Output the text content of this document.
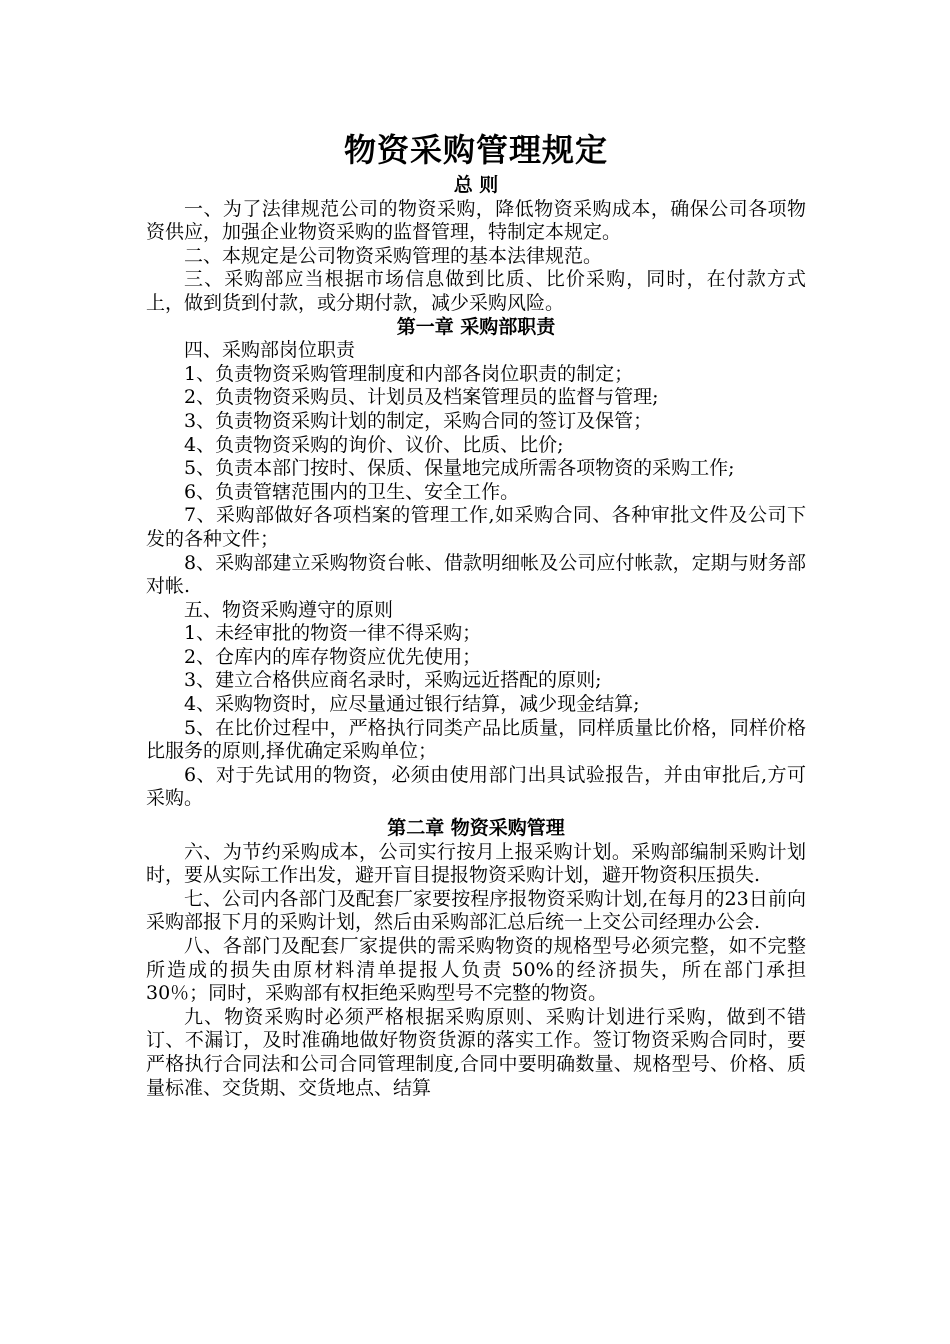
物资采购管理规定
总 则

一、为了法律规范公司的物资采购，降低物资采购成本，确保公司各项物资供应，加强企业物资采购的监督管理，特制定本规定。

二、本规定是公司物资采购管理的基本法律规范。

三、采购部应当根据市场信息做到比质、比价采购，同时，在付款方式上，做到货到付款，或分期付款，减少采购风险。

第一章 采购部职责

四、采购部岗位职责

1、负责物资采购管理制度和内部各岗位职责的制定；

2、负责物资采购员、计划员及档案管理员的监督与管理;

3、负责物资采购计划的制定，采购合同的签订及保管；

4、负责物资采购的询价、议价、比质、比价;

5、负责本部门按时、保质、保量地完成所需各项物资的采购工作;

6、负责管辖范围内的卫生、安全工作。

7、采购部做好各项档案的管理工作,如采购合同、各种审批文件及公司下发的各种文件；

8、采购部建立采购物资台帐、借款明细帐及公司应付帐款，定期与财务部对帐.

五、物资采购遵守的原则

1、未经审批的物资一律不得采购；

2、仓库内的库存物资应优先使用；

3、建立合格供应商名录时，采购远近搭配的原则;

4、采购物资时，应尽量通过银行结算，减少现金结算;

5、在比价过程中，严格执行同类产品比质量，同样质量比价格，同样价格比服务的原则,择优确定采购单位；

6、对于先试用的物资，必须由使用部门出具试验报告，并由审批后,方可采购。

第二章 物资采购管理

六、为节约采购成本，公司实行按月上报采购计划。采购部编制采购计划时，要从实际工作出发，避开盲目提报物资采购计划，避开物资积压损失.

七、公司内各部门及配套厂家要按程序报物资采购计划,在每月的23日前向采购部报下月的采购计划，然后由采购部汇总后统一上交公司经理办公会.

八、各部门及配套厂家提供的需采购物资的规格型号必须完整，如不完整所造成的损失由原材料清单提报人负责 50%的经济损失，所在部门承担30％；同时，采购部有权拒绝采购型号不完整的物资。

九、物资采购时必须严格根据采购原则、采购计划进行采购，做到不错订、不漏订，及时准确地做好物资货源的落实工作。签订物资采购合同时，要严格执行合同法和公司合同管理制度,合同中要明确数量、规格型号、价格、质量标准、交货期、交货地点、结算
